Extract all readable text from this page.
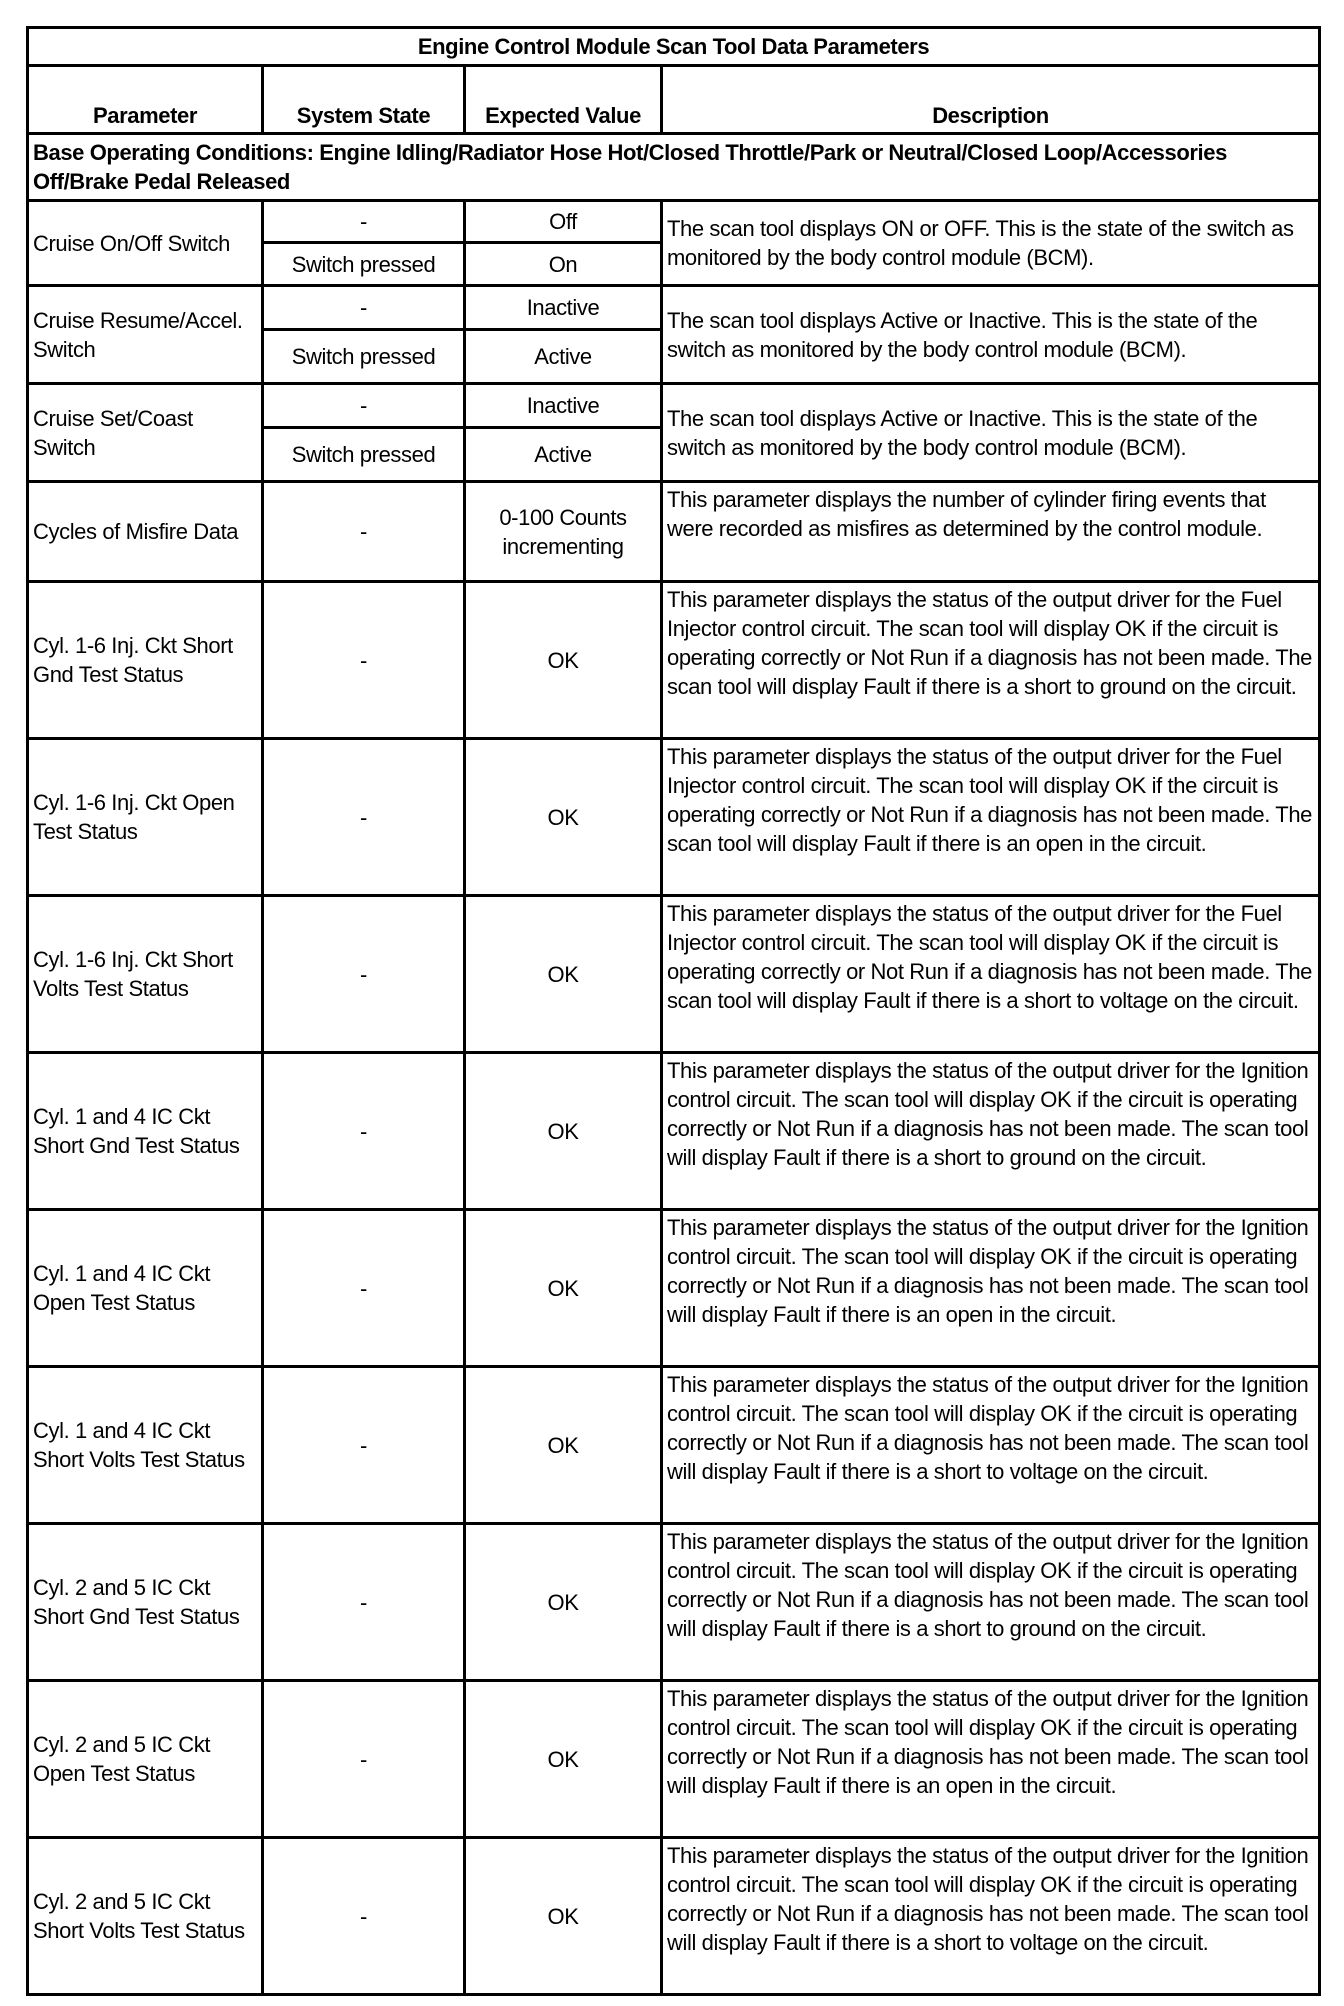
Engine Control Module Scan Tool Data Parameters			
Parameter	System State	Expected Value	Description
Base Operating Conditions: Engine Idling/Radiator Hose Hot/Closed Throttle/Park or Neutral/Closed Loop/Accessories Off/Brake Pedal Released			
Cruise On/Off Switch	-	Off	The scan tool displays ON or OFF. This is the state of the switch as monitored by the body control module (BCM).
	Switch pressed	On	
Cruise Resume/Accel. Switch	-	Inactive	The scan tool displays Active or Inactive. This is the state of the switch as monitored by the body control module (BCM).
	Switch pressed	Active	
Cruise Set/Coast Switch	-	Inactive	The scan tool displays Active or Inactive. This is the state of the switch as monitored by the body control module (BCM).
	Switch pressed	Active	
Cycles of Misfire Data	-	0-100 Counts incrementing	This parameter displays the number of cylinder firing events that were recorded as misfires as determined by the control module.
Cyl. 1-6 Inj. Ckt Short Gnd Test Status	-	OK	This parameter displays the status of the output driver for the Fuel Injector control circuit. The scan tool will display OK if the circuit is operating correctly or Not Run if a diagnosis has not been made. The scan tool will display Fault if there is a short to ground on the circuit.
Cyl. 1-6 Inj. Ckt Open Test Status	-	OK	This parameter displays the status of the output driver for the Fuel Injector control circuit. The scan tool will display OK if the circuit is operating correctly or Not Run if a diagnosis has not been made. The scan tool will display Fault if there is an open in the circuit.
Cyl. 1-6 Inj. Ckt Short Volts Test Status	-	OK	This parameter displays the status of the output driver for the Fuel Injector control circuit. The scan tool will display OK if the circuit is operating correctly or Not Run if a diagnosis has not been made. The scan tool will display Fault if there is a short to voltage on the circuit.
Cyl. 1 and 4 IC Ckt Short Gnd Test Status	-	OK	This parameter displays the status of the output driver for the Ignition control circuit. The scan tool will display OK if the circuit is operating correctly or Not Run if a diagnosis has not been made. The scan tool will display Fault if there is a short to ground on the circuit.
Cyl. 1 and 4 IC Ckt Open Test Status	-	OK	This parameter displays the status of the output driver for the Ignition control circuit. The scan tool will display OK if the circuit is operating correctly or Not Run if a diagnosis has not been made. The scan tool will display Fault if there is an open in the circuit.
Cyl. 1 and 4 IC Ckt Short Volts Test Status	-	OK	This parameter displays the status of the output driver for the Ignition control circuit. The scan tool will display OK if the circuit is operating correctly or Not Run if a diagnosis has not been made. The scan tool will display Fault if there is a short to voltage on the circuit.
Cyl. 2 and 5 IC Ckt Short Gnd Test Status	-	OK	This parameter displays the status of the output driver for the Ignition control circuit. The scan tool will display OK if the circuit is operating correctly or Not Run if a diagnosis has not been made. The scan tool will display Fault if there is a short to ground on the circuit.
Cyl. 2 and 5 IC Ckt Open Test Status	-	OK	This parameter displays the status of the output driver for the Ignition control circuit. The scan tool will display OK if the circuit is operating correctly or Not Run if a diagnosis has not been made. The scan tool will display Fault if there is an open in the circuit.
Cyl. 2 and 5 IC Ckt Short Volts Test Status	-	OK	This parameter displays the status of the output driver for the Ignition control circuit. The scan tool will display OK if the circuit is operating correctly or Not Run if a diagnosis has not been made. The scan tool will display Fault if there is a short to voltage on the circuit.
